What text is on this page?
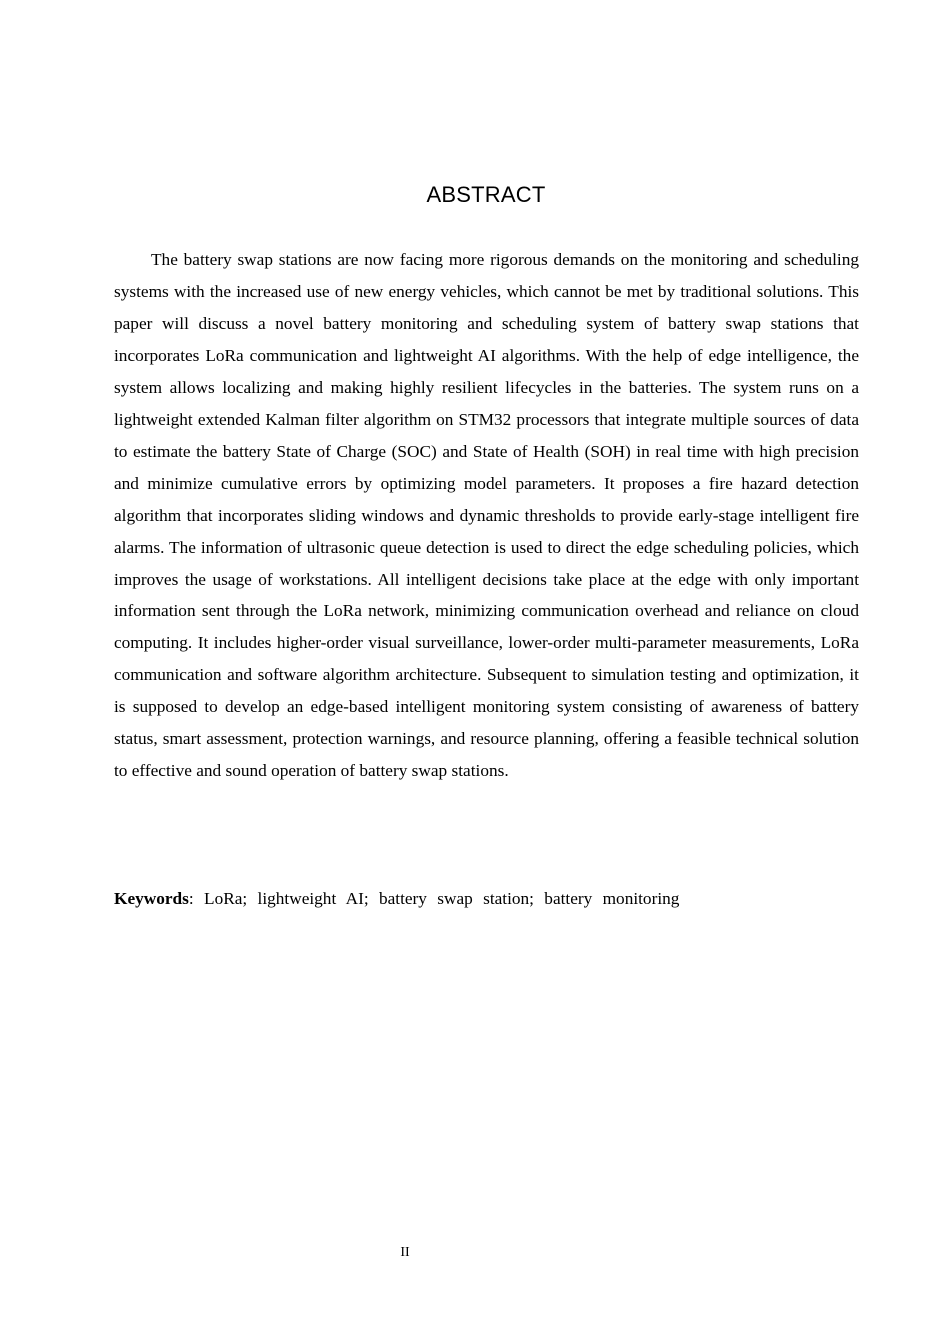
ABSTRACT

The battery swap stations are now facing more rigorous demands on the monitoring and scheduling systems with the increased use of new energy vehicles, which cannot be met by traditional solutions. This paper will discuss a novel battery monitoring and scheduling system of battery swap stations that incorporates LoRa communication and lightweight AI algorithms. With the help of edge intelligence, the system allows localizing and making highly resilient lifecycles in the batteries. The system runs on a lightweight extended Kalman filter algorithm on STM32 processors that integrate multiple sources of data to estimate the battery State of Charge (SOC) and State of Health (SOH) in real time with high precision and minimize cumulative errors by optimizing model parameters. It proposes a fire hazard detection algorithm that incorporates sliding windows and dynamic thresholds to provide early-stage intelligent fire alarms. The information of ultrasonic queue detection is used to direct the edge scheduling policies, which improves the usage of workstations. All intelligent decisions take place at the edge with only important information sent through the LoRa network, minimizing communication overhead and reliance on cloud computing. It includes higher-order visual surveillance, lower-order multi-parameter measurements, LoRa communication and software algorithm architecture. Subsequent to simulation testing and optimization, it is supposed to develop an edge-based intelligent monitoring system consisting of awareness of battery status, smart assessment, protection warnings, and resource planning, offering a feasible technical solution to effective and sound operation of battery swap stations.

Keywords: LoRa; lightweight AI; battery swap station; battery monitoring

II
